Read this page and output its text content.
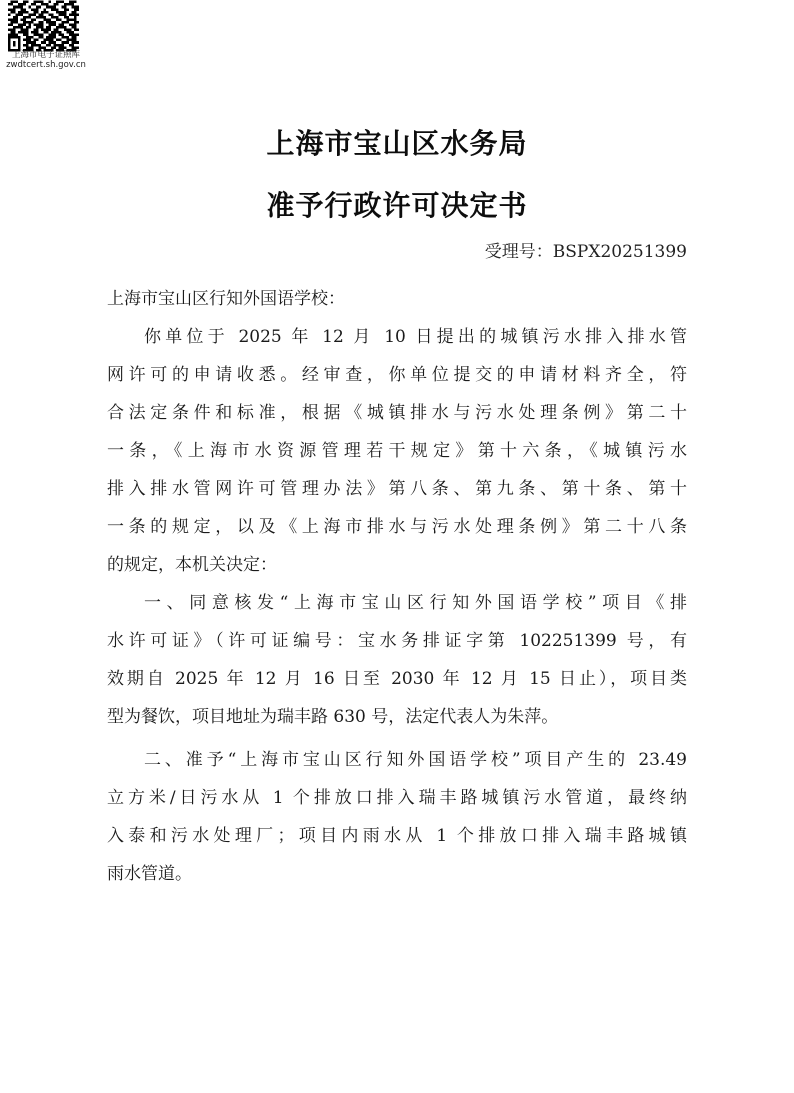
上海市电子证照库
zwdtcert.sh.gov.cn
上海市宝山区水务局
准予行政许可决定书
受理号：BSPX20251399
上海市宝山区行知外国语学校：
你单位于 2025 年 12 月 10 日提出的城镇污水排入排水管
网许可的申请收悉。经审查，你单位提交的申请材料齐全，符
合法定条件和标准，根据《城镇排水与污水处理条例》第二十
一条，《上海市水资源管理若干规定》第十六条，《城镇污水
排入排水管网许可管理办法》第八条、第九条、第十条、第十
一条的规定，以及《上海市排水与污水处理条例》第二十八条
的规定，本机关决定：
一、同意核发“上海市宝山区行知外国语学校”项目《排
水许可证》（许可证编号：宝水务排证字第 102251399 号，有
效期自 2025 年 12 月 16 日至 2030 年 12 月 15 日止），项目类
型为餐饮，项目地址为瑞丰路 630 号，法定代表人为朱萍。
二、准予“上海市宝山区行知外国语学校”项目产生的 23.49
立方米/日污水从 1 个排放口排入瑞丰路城镇污水管道，最终纳
入泰和污水处理厂；项目内雨水从 1 个排放口排入瑞丰路城镇
雨水管道。
